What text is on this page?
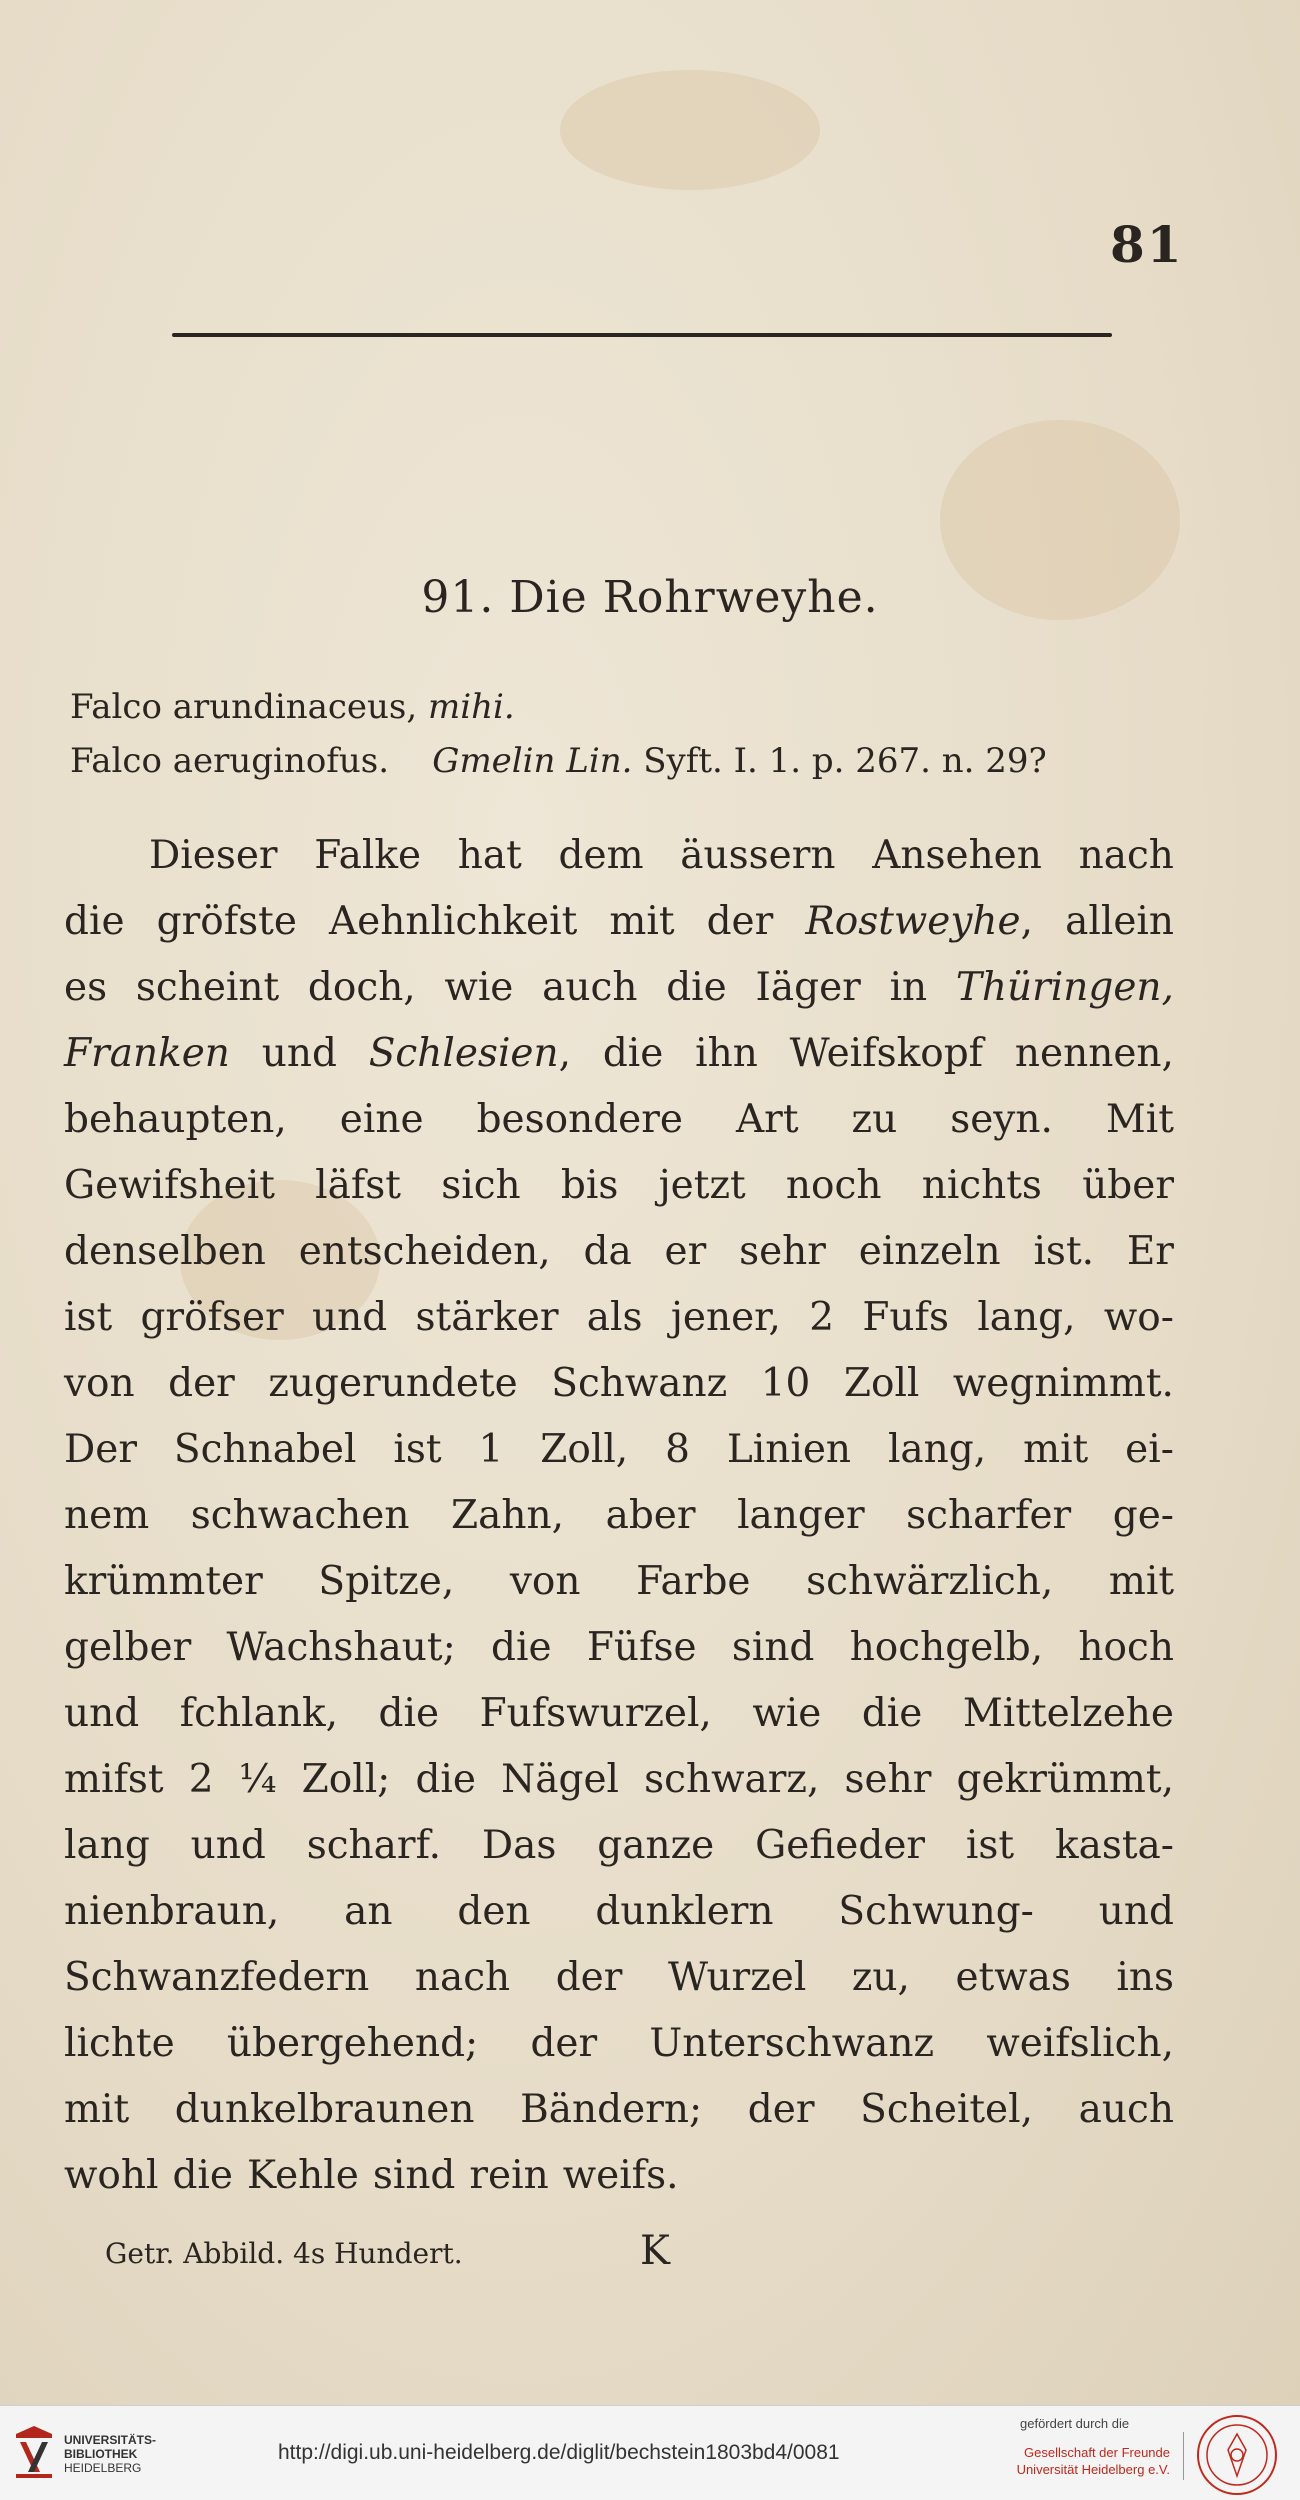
81
91. Die Rohrweyhe.
Falco arundinaceus, mihi.
Falco aeruginofus. Gmelin Lin. Syft. I. 1. p. 267. n. 29?
Dieser Falke hat dem äussern Ansehen nach
die gröfste Aehnlichkeit mit der Rostweyhe, allein
es scheint doch, wie auch die Iäger in Thüringen,
Franken und Schlesien, die ihn Weifskopf nennen,
behaupten, eine besondere Art zu seyn. Mit
Gewifsheit läfst sich bis jetzt noch nichts über
denselben entscheiden, da er sehr einzeln ist. Er
ist gröfser und stärker als jener, 2 Fufs lang, wo-
von der zugerundete Schwanz 10 Zoll wegnimmt.
Der Schnabel ist 1 Zoll, 8 Linien lang, mit ei-
nem schwachen Zahn, aber langer scharfer ge-
krümmter Spitze, von Farbe schwärzlich, mit
gelber Wachshaut; die Füfse sind hochgelb, hoch
und fchlank, die Fufswurzel, wie die Mittelzehe
mifst 2 ¼ Zoll; die Nägel schwarz, sehr gekrümmt,
lang und scharf. Das ganze Gefieder ist kasta-
nienbraun, an den dunklern Schwung- und
Schwanzfedern nach der Wurzel zu, etwas ins
lichte übergehend; der Unterschwanz weifslich,
mit dunkelbraunen Bändern; der Scheitel, auch
wohl die Kehle sind rein weifs.
Getr. Abbild. 4s Hundert.	K
UNIVERSITÄTS-
BIBLIOTHEK
HEIDELBERG
http://digi.ub.uni-heidelberg.de/diglit/bechstein1803bd4/0081
gefördert durch die
Gesellschaft der Freunde
Universität Heidelberg e.V.
